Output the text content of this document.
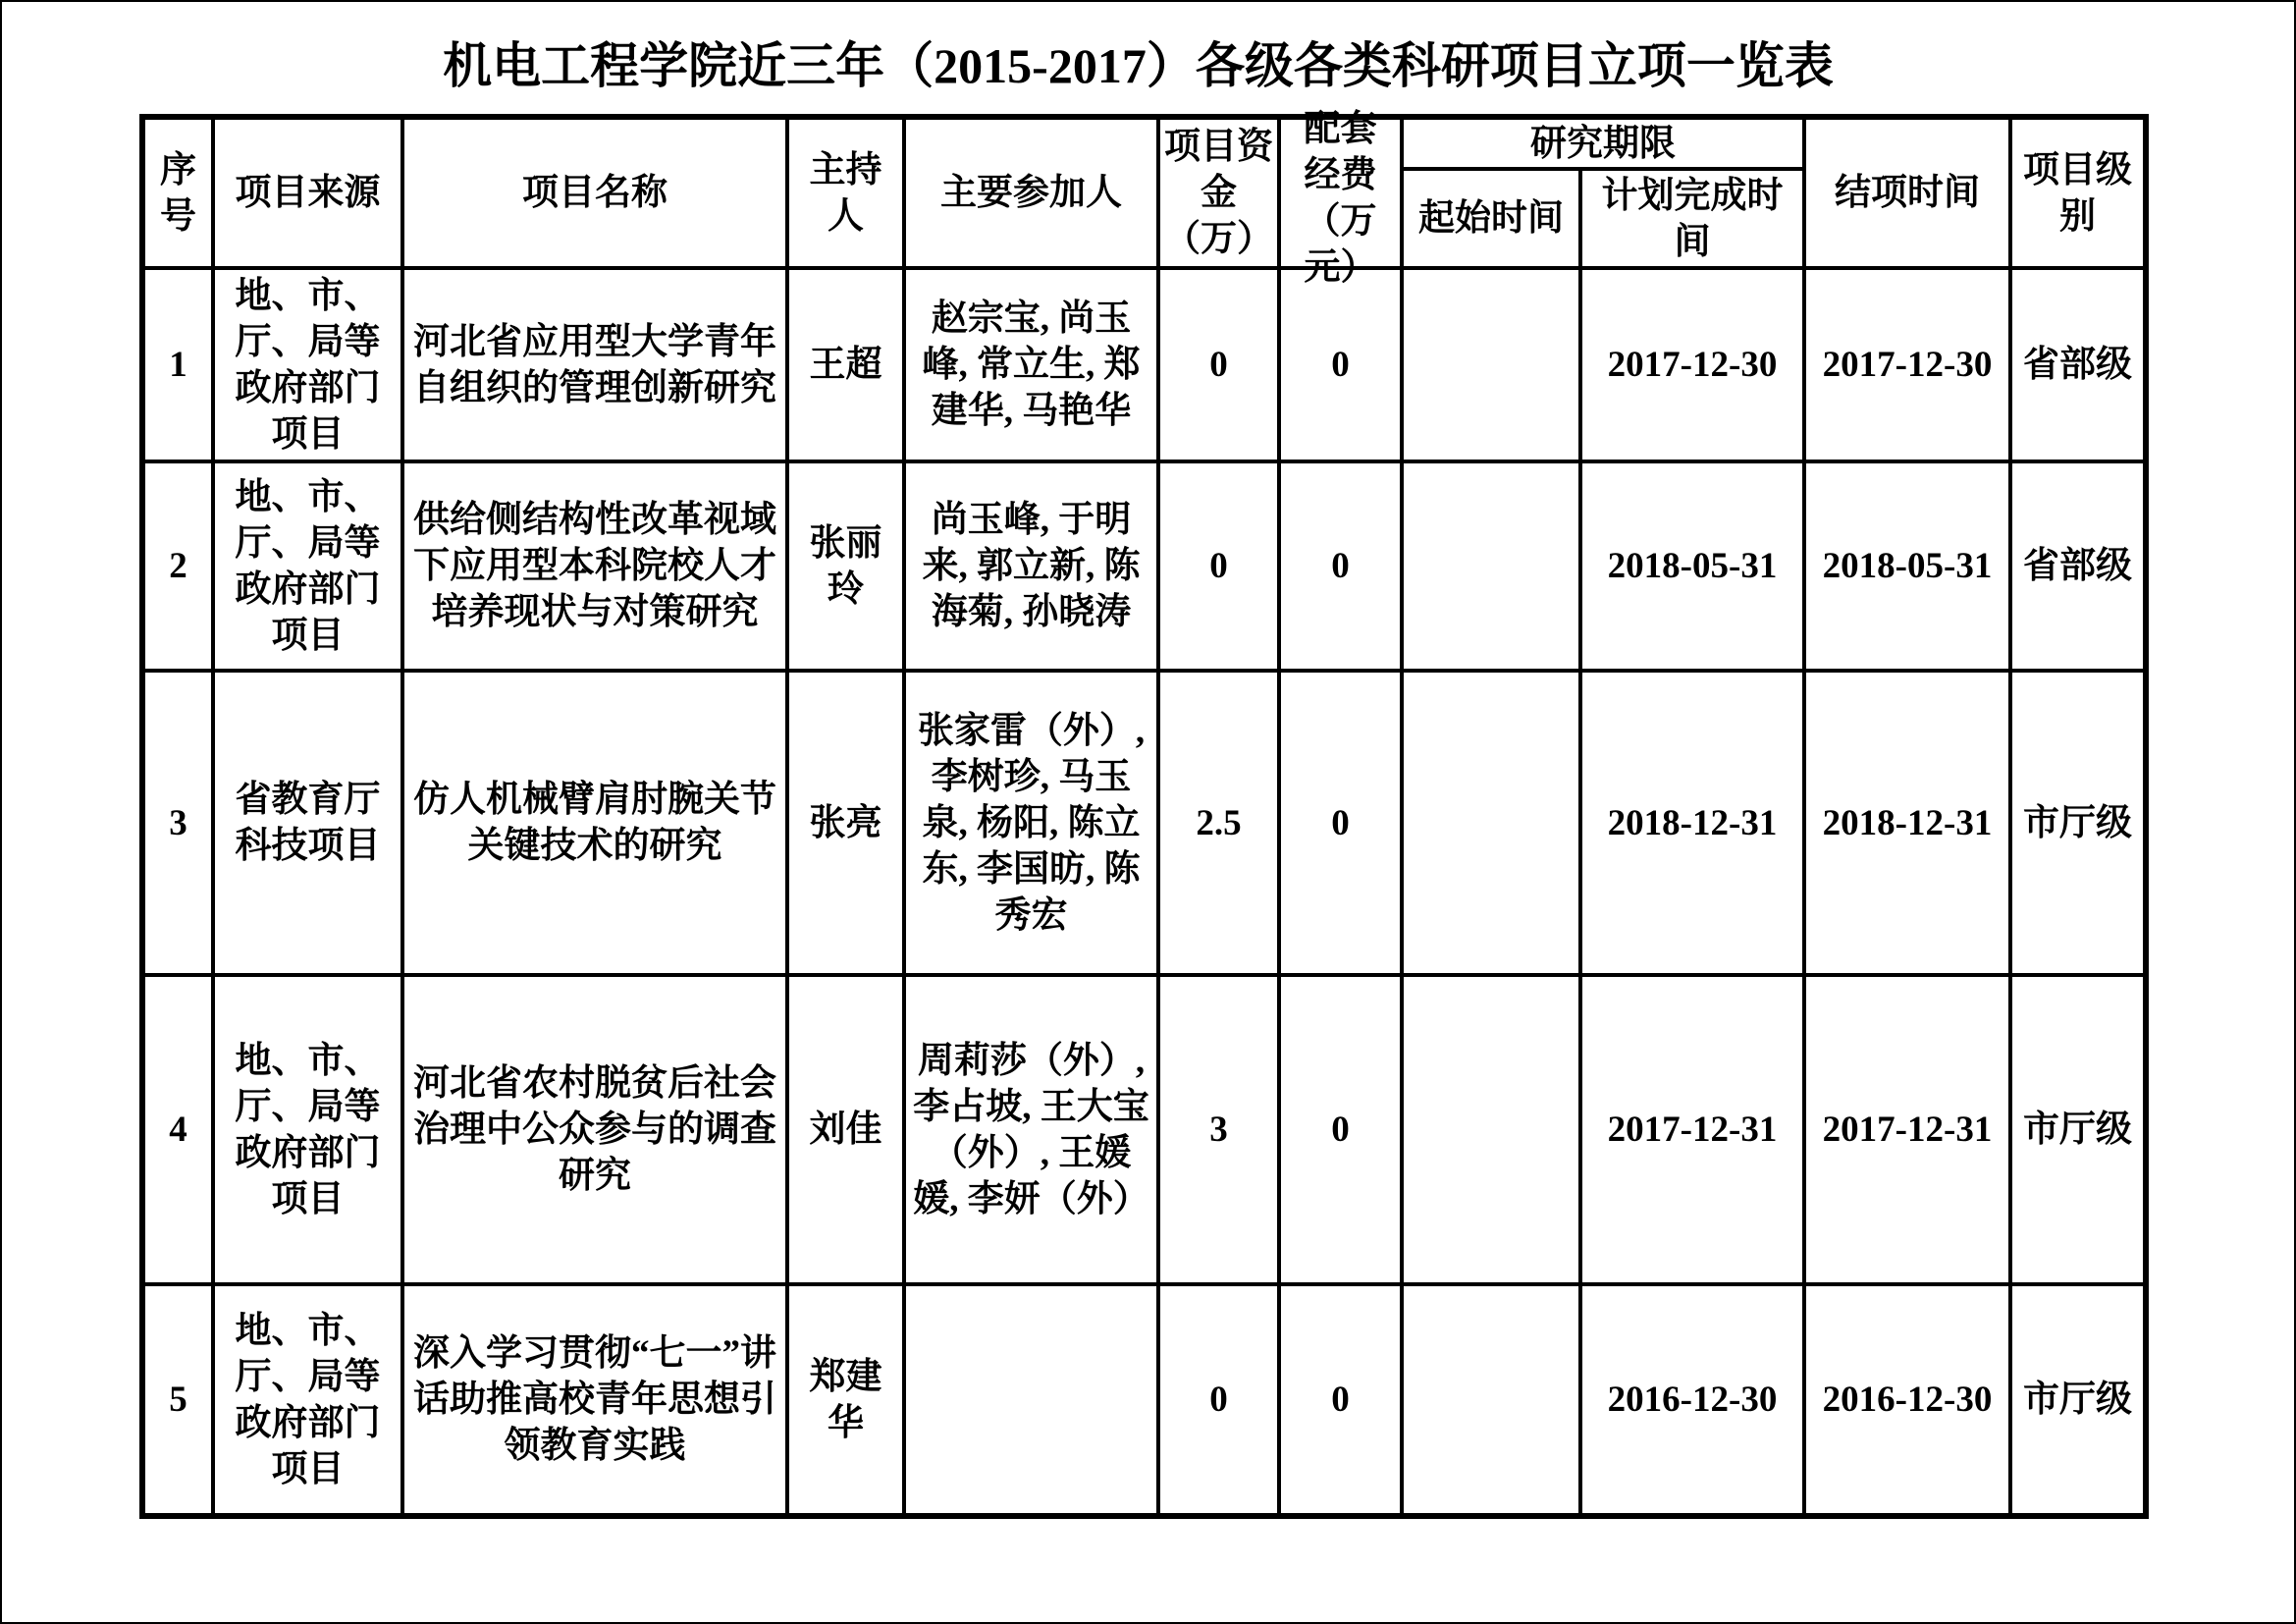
机电工程学院近三年（2015-2017）各级各类科研项目立项一览表
序号	项目来源	项目名称	主持人	主要参加人	项目资金（万）	配套经费（万元）	研究期限		结项时间	项目级别
							起始时间	计划完成时间		
1	地、市、厅、局等政府部门项目	河北省应用型大学青年自组织的管理创新研究	王超	赵宗宝, 尚玉峰, 常立生, 郑建华, 马艳华	0	0		2017-12-30	2017-12-30	省部级
2	地、市、厅、局等政府部门项目	供给侧结构性改革视域下应用型本科院校人才培养现状与对策研究	张丽玲	尚玉峰, 于明来, 郭立新, 陈海菊, 孙晓涛	0	0		2018-05-31	2018-05-31	省部级
3	省教育厅科技项目	仿人机械臂肩肘腕关节关键技术的研究	张亮	张家雷（外）, 李树珍, 马玉泉, 杨阳, 陈立东, 李国昉, 陈秀宏	2.5	0		2018-12-31	2018-12-31	市厅级
4	地、市、厅、局等政府部门项目	河北省农村脱贫后社会治理中公众参与的调查研究	刘佳	周莉莎（外）, 李占坡, 王大宝（外）, 王媛媛, 李妍（外）	3	0		2017-12-31	2017-12-31	市厅级
5	地、市、厅、局等政府部门项目	深入学习贯彻“七一”讲话助推高校青年思想引领教育实践	郑建华		0	0		2016-12-30	2016-12-30	市厅级
